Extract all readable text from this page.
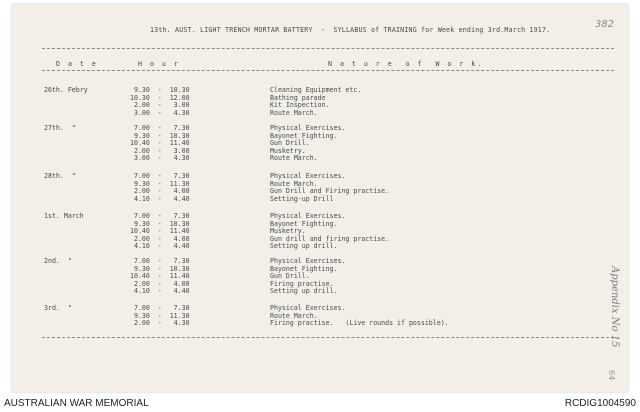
13th. AUST. LIGHT TRENCH MORTAR BATTERY  -  SYLLABUS of TRAINING for Week ending 3rd.March 1917.	382
D a t e	H o u r	N a t u r e  o f  W o r k.
26th. Febry	9.30  -  10.30	Cleaning Equipment etc.
10.30  -  12.00	Bathing parade
2.00  -   3.00	Kit Inspection.
3.00  -   4.30	Route March.
27th.  "	7.00  -   7.30	Physical Exercises.
9.30  -  10.30	Bayonet Fighting.
10.40  -  11.40	Gun Drill.
2.00  -   3.00	Musketry.
3.00  -   4.30	Route March.
28th.  "	7.00  -   7.30	Physical Exercises.
9.30  -  11.30	Route March.
2.00  -   4.00	Gun Drill and Firing practise.
4.10  -   4.40	Setting-up Drill
1st. March	7.00  -   7.30	Physical Exercises.
9.30  -  10.30	Bayonet Fighting.
10.40  -  11.40	Musketry.
2.00  -   4.00	Gun drill and firing practise.
4.10  -   4.40	Setting up drill.
2nd.  "	7.00  -   7.30	Physical Exercises.
9.30  -  10.30	Bayonet Fighting.
10.40  -  11.40	Gun Drill.
2.00  -   4.00	Firing practise.
4.10  -   4.40	Setting up drill.
3rd.  "	7.00  -   7.30	Physical Exercises.
9.30  -  11.30	Route March.
2.00  -   4.30	Firing practise.   (Live rounds if possible).	Appendix No 15
64
AUSTRALIAN WAR MEMORIAL	RCDIG1004590
